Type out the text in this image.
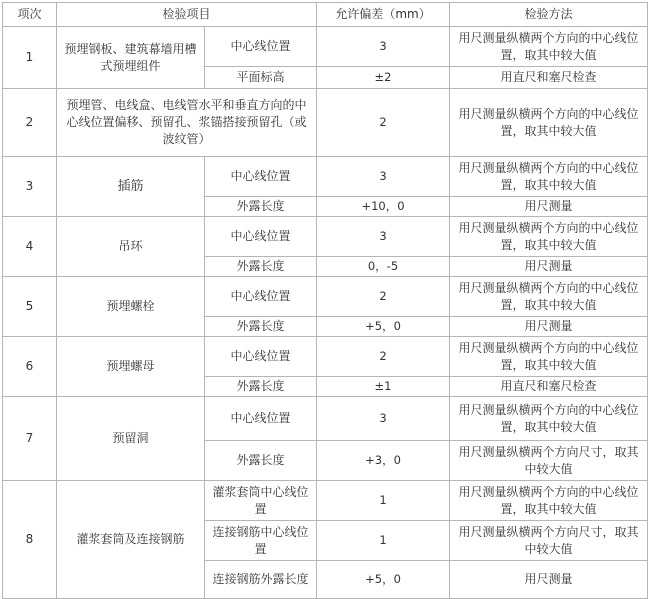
项次	检验项目		允许偏差（mm）	检验方法
1	预埋钢板、建筑幕墙用槽式预埋组件	中心线位置	3	用尺测量纵横两个方向的中心线位置，取其中较大值
		平面标高	±2	用直尺和塞尺检查
2	预埋管、电线盒、电线管水平和垂直方向的中心线位置偏移、预留孔、浆锚搭接预留孔（或波纹管）		2	用尺测量纵横两个方向的中心线位置，取其中较大值
3	插筋	中心线位置	3	用尺测量纵横两个方向的中心线位置，取其中较大值
		外露长度	+10，0	用尺测量
4	吊环	中心线位置	3	用尺测量纵横两个方向的中心线位置，取其中较大值
		外露长度	0，-5	用尺测量
5	预埋螺栓	中心线位置	2	用尺测量纵横两个方向的中心线位置，取其中较大值
		外露长度	+5，0	用尺测量
6	预埋螺母	中心线位置	2	用尺测量纵横两个方向的中心线位置，取其中较大值
		外露长度	±1	用直尺和塞尺检查
7	预留洞	中心线位置	3	用尺测量纵横两个方向的中心线位置，取其中较大值
		外露长度	+3，0	用尺测量纵横两个方向尺寸，取其中较大值
8	灌浆套筒及连接钢筋	灌浆套筒中心线位置	1	用尺测量纵横两个方向的中心线位置，取其中较大值
		连接钢筋中心线位置	1	用尺测量纵横两个方向尺寸，取其中较大值
		连接钢筋外露长度	+5，0	用尺测量
